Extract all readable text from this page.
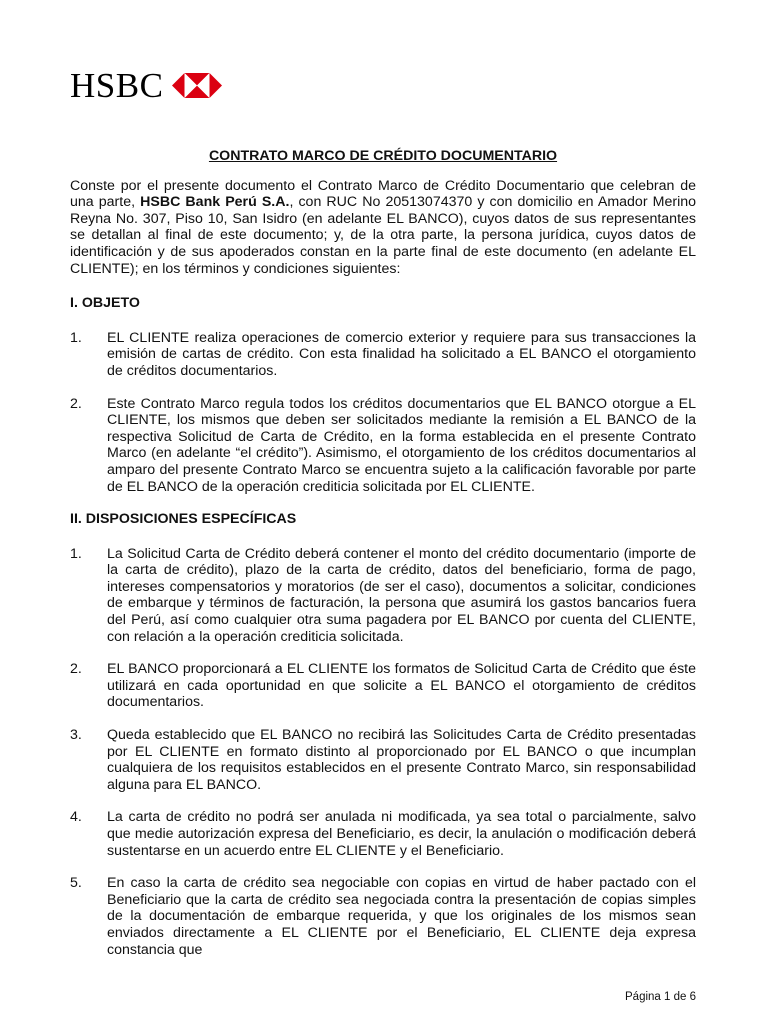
HSBC
CONTRATO MARCO DE CRÉDITO DOCUMENTARIO

Conste por el presente documento el Contrato Marco de Crédito Documentario que celebran de una parte, HSBC Bank Perú S.A., con RUC No 20513074370 y con domicilio en Amador Merino Reyna No. 307, Piso 10, San Isidro (en adelante EL BANCO), cuyos datos de sus representantes se detallan al final de este documento; y, de la otra parte, la persona jurídica, cuyos datos de identificación y de sus apoderados constan en la parte final de este documento (en adelante EL CLIENTE); en los términos y condiciones siguientes:

I. OBJETO
1.	EL CLIENTE realiza operaciones de comercio exterior y requiere para sus transacciones la emisión de cartas de crédito. Con esta finalidad ha solicitado a EL BANCO el otorgamiento de créditos documentarios.
2.	Este Contrato Marco regula todos los créditos documentarios que EL BANCO otorgue a EL CLIENTE, los mismos que deben ser solicitados mediante la remisión a EL BANCO de la respectiva Solicitud de Carta de Crédito, en la forma establecida en el presente Contrato Marco (en adelante “el crédito”). Asimismo, el otorgamiento de los créditos documentarios al amparo del presente Contrato Marco se encuentra sujeto a la calificación favorable por parte de EL BANCO de la operación crediticia solicitada por EL CLIENTE.
II. DISPOSICIONES ESPECÍFICAS
1.	La Solicitud Carta de Crédito deberá contener el monto del crédito documentario (importe de la carta de crédito), plazo de la carta de crédito, datos del beneficiario, forma de pago, intereses compensatorios y moratorios (de ser el caso), documentos a solicitar, condiciones de embarque y términos de facturación, la persona que asumirá los gastos bancarios fuera del Perú, así como cualquier otra suma pagadera por EL BANCO por cuenta del CLIENTE, con relación a la operación crediticia solicitada.
2.	EL BANCO proporcionará a EL CLIENTE los formatos de Solicitud Carta de Crédito que éste utilizará en cada oportunidad en que solicite a EL BANCO el otorgamiento de créditos documentarios.
3.	Queda establecido que EL BANCO no recibirá las Solicitudes Carta de Crédito presentadas por EL CLIENTE en formato distinto al proporcionado por EL BANCO o que incumplan cualquiera de los requisitos establecidos en el presente Contrato Marco, sin responsabilidad alguna para EL BANCO.
4.	La carta de crédito no podrá ser anulada ni modificada, ya sea total o parcialmente, salvo que medie autorización expresa del Beneficiario, es decir, la anulación o modificación deberá sustentarse en un acuerdo entre EL CLIENTE y el Beneficiario.
5.	En caso la carta de crédito sea negociable con copias en virtud de haber pactado con el Beneficiario que la carta de crédito sea negociada contra la presentación de copias simples de la documentación de embarque requerida, y que los originales de los mismos sean enviados directamente a EL CLIENTE por el Beneficiario, EL CLIENTE deja expresa constancia que
Página 1 de 6
